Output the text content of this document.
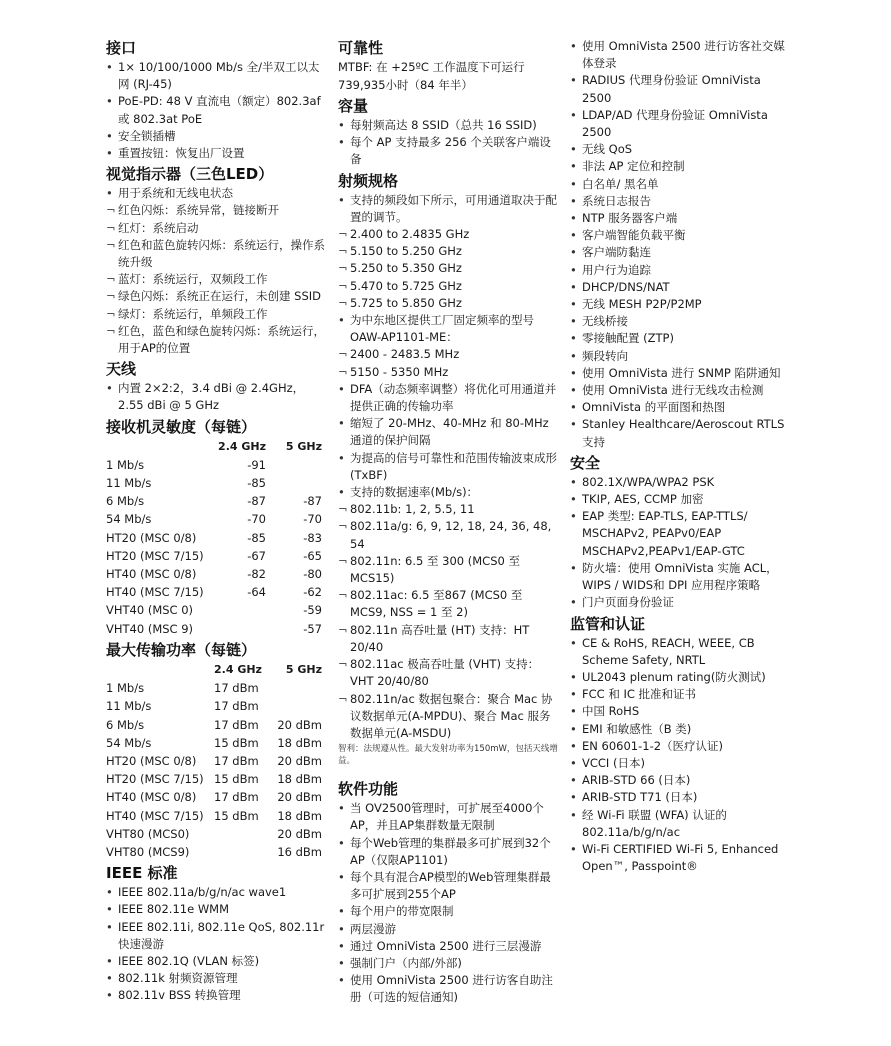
接口
• 1× 10/100/1000 Mb/s 全/半双工以太网 (RJ-45)
• PoE-PD: 48 V 直流电（额定）802.3af 或 802.3at PoE
• 安全锁插槽
• 重置按钮：恢复出厂设置
视觉指示器（三色LED）
• 用于系统和无线电状态
¬ 红色闪烁：系统异常，链接断开
¬ 红灯：系统启动
¬ 红色和蓝色旋转闪烁：系统运行，操作系统升级
¬ 蓝灯：系统运行，双频段工作
¬ 绿色闪烁：系统正在运行，未创建 SSID
¬ 绿灯：系统运行，单频段工作
¬ 红色，蓝色和绿色旋转闪烁：系统运行，用于AP的位置
天线
• 内置 2×2:2，3.4 dBi @ 2.4GHz，2.55 dBi @ 5 GHz
接收机灵敏度（每链）
	2.4 GHz	5 GHz
1 Mb/s	-91	
11 Mb/s	-85	
6 Mb/s	-87	-87
54 Mb/s	-70	-70
HT20 (MSC 0/8)	-85	-83
HT20 (MSC 7/15)	-67	-65
HT40 (MSC 0/8)	-82	-80
HT40 (MSC 7/15)	-64	-62
VHT40 (MSC 0)		-59
VHT40 (MSC 9)		-57
最大传输功率（每链）
	2.4 GHz	5 GHz
1 Mb/s	17 dBm	
11 Mb/s	17 dBm	
6 Mb/s	17 dBm	20 dBm
54 Mb/s	15 dBm	18 dBm
HT20 (MSC 0/8)	17 dBm	20 dBm
HT20 (MSC 7/15)	15 dBm	18 dBm
HT40 (MSC 0/8)	17 dBm	20 dBm
HT40 (MSC 7/15)	15 dBm	18 dBm
VHT80 (MCS0)		20 dBm
VHT80 (MCS9)		16 dBm
IEEE 标准
• IEEE 802.11a/b/g/n/ac wave1
• IEEE 802.11e WMM
• IEEE 802.11i, 802.11e QoS, 802.11r 快速漫游
• IEEE 802.1Q (VLAN 标签)
• 802.11k 射频资源管理
• 802.11v BSS 转换管理
可靠性
MTBF: 在 +25ºC 工作温度下可运行 739,935小时（84 年半）
容量
• 每射频高达 8 SSID（总共 16 SSID)
• 每个 AP 支持最多 256 个关联客户端设备
射频规格
• 支持的频段如下所示，可用通道取决于配置的调节。
¬ 2.400 to 2.4835 GHz
¬ 5.150 to 5.250 GHz
¬ 5.250 to 5.350 GHz
¬ 5.470 to 5.725 GHz
¬ 5.725 to 5.850 GHz
• 为中东地区提供工厂固定频率的型号 OAW-AP1101-ME：
¬ 2400 - 2483.5 MHz
¬ 5150 - 5350 MHz
• DFA（动态频率调整）将优化可用通道并提供正确的传输功率
• 缩短了 20-MHz、40-MHz 和 80-MHz 通道的保护间隔
• 为提高的信号可靠性和范围传输波束成形(TxBF)
• 支持的数据速率(Mb/s)：
¬ 802.11b: 1, 2, 5.5, 11
¬ 802.11a/g: 6, 9, 12, 18, 24, 36, 48, 54
¬ 802.11n: 6.5 至 300 (MCS0 至 MCS15)
¬ 802.11ac: 6.5 至867 (MCS0 至 MCS9, NSS = 1 至 2)
¬ 802.11n 高吞吐量 (HT) 支持：HT 20/40
¬ 802.11ac 极高吞吐量 (VHT) 支持：VHT 20/40/80
¬ 802.11n/ac 数据包聚合：聚合 Mac 协议数据单元(A-MPDU)、聚合 Mac 服务数据单元(A-MSDU)
智利：法规遵从性。最大发射功率为150mW，包括天线增益。
软件功能
• 当 OV2500管理时，可扩展至4000个AP，并且AP集群数量无限制
• 每个Web管理的集群最多可扩展到32个AP（仅限AP1101)
• 每个具有混合AP模型的Web管理集群最多可扩展到255个AP
• 每个用户的带宽限制
• 两层漫游
• 通过 OmniVista 2500 进行三层漫游
• 强制门户（内部/外部)
• 使用 OmniVista 2500 进行访客自助注册（可选的短信通知)
• 使用 OmniVista 2500 进行访客社交媒体登录
• RADIUS 代理身份验证 OmniVista 2500
• LDAP/AD 代理身份验证 OmniVista 2500
• 无线 QoS
• 非法 AP 定位和控制
• 白名单/ 黑名单
• 系统日志报告
• NTP 服务器客户端
• 客户端智能负载平衡
• 客户端防黏连
• 用户行为追踪
• DHCP/DNS/NAT
• 无线 MESH P2P/P2MP
• 无线桥接
• 零接触配置 (ZTP)
• 频段转向
• 使用 OmniVista 进行 SNMP 陷阱通知
• 使用 OmniVista 进行无线攻击检测
• OmniVista 的平面图和热图
• Stanley Healthcare/Aeroscout RTLS 支持
安全
• 802.1X/WPA/WPA2 PSK
• TKIP, AES, CCMP 加密
• EAP 类型: EAP-TLS, EAP-TTLS/ MSCHAPv2, PEAPv0/EAP MSCHAPv2,PEAPv1/EAP-GTC
• 防火墙：使用 OmniVista 实施 ACL，WIPS / WIDS和 DPI 应用程序策略
• 门户页面身份验证
监管和认证
• CE & RoHS, REACH, WEEE, CB Scheme Safety, NRTL
• UL2043 plenum rating(防火测试)
• FCC 和 IC 批准和证书
• 中国 RoHS
• EMI 和敏感性（B 类)
• EN 60601-1-2（医疗认证)
• VCCI (日本)
• ARIB-STD 66 (日本)
• ARIB-STD T71 (日本)
• 经 Wi-Fi 联盟 (WFA) 认证的 802.11a/b/g/n/ac
• Wi-Fi CERTIFIED Wi-Fi 5, Enhanced Open™, Passpoint®
